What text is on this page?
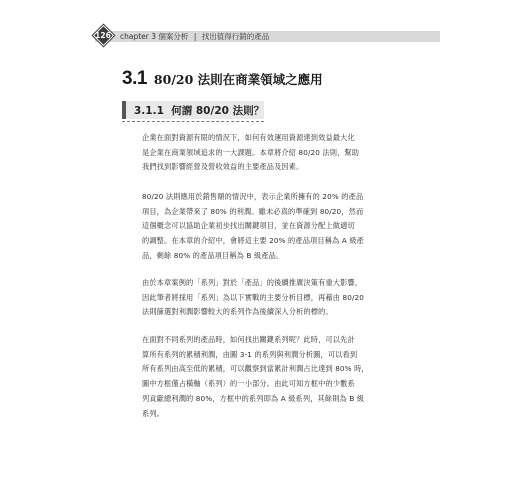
126	chapter 3 個案分析 | 找出值得行銷的產品
3.1 80/20 法則在商業領域之應用
3.1.1 何謂 80/20 法則？

企業在面對資源有限的情況下，如何有效運用資源達到效益最大化
是企業在商業領域追求的一大課題。本章將介紹 80/20 法則，幫助
我們找到影響經營及營收效益的主要產品及因素。

80/20 法則應用於銷售額的情況中，表示企業所擁有的 20% 的產品
項目，為企業帶來了 80% 的利潤。雖未必真的準確到 80/20，然而
這個概念可以協助企業初步找出關鍵項目，並在資源分配上做適切
的調整。在本章的介紹中，會將這主要 20% 的產品項目稱為 A 級產
品，剩餘 80% 的產品項目稱為 B 級產品。

由於本章案例的「系列」對於「產品」的後續推廣決策有重大影響，
因此筆者將採用「系列」為以下實戰的主要分析目標，再藉由 80/20
法則篩選對利潤影響較大的系列作為後續深入分析的標的。

在面對不同系列的產品時，如何找出關鍵系列呢？此時，可以先計
算所有系列的累積利潤，由圖 3-1 的系列與利潤分析圖，可以看到
所有系列由高至低的累積，可以觀察到當累計利潤占比達到 80% 時，
圖中方框僅占橫軸（系列）的一小部分。由此可知方框中的少數系
列貢獻總利潤的 80%，方框中的系列即為 A 級系列，其餘則為 B 級
系列。
